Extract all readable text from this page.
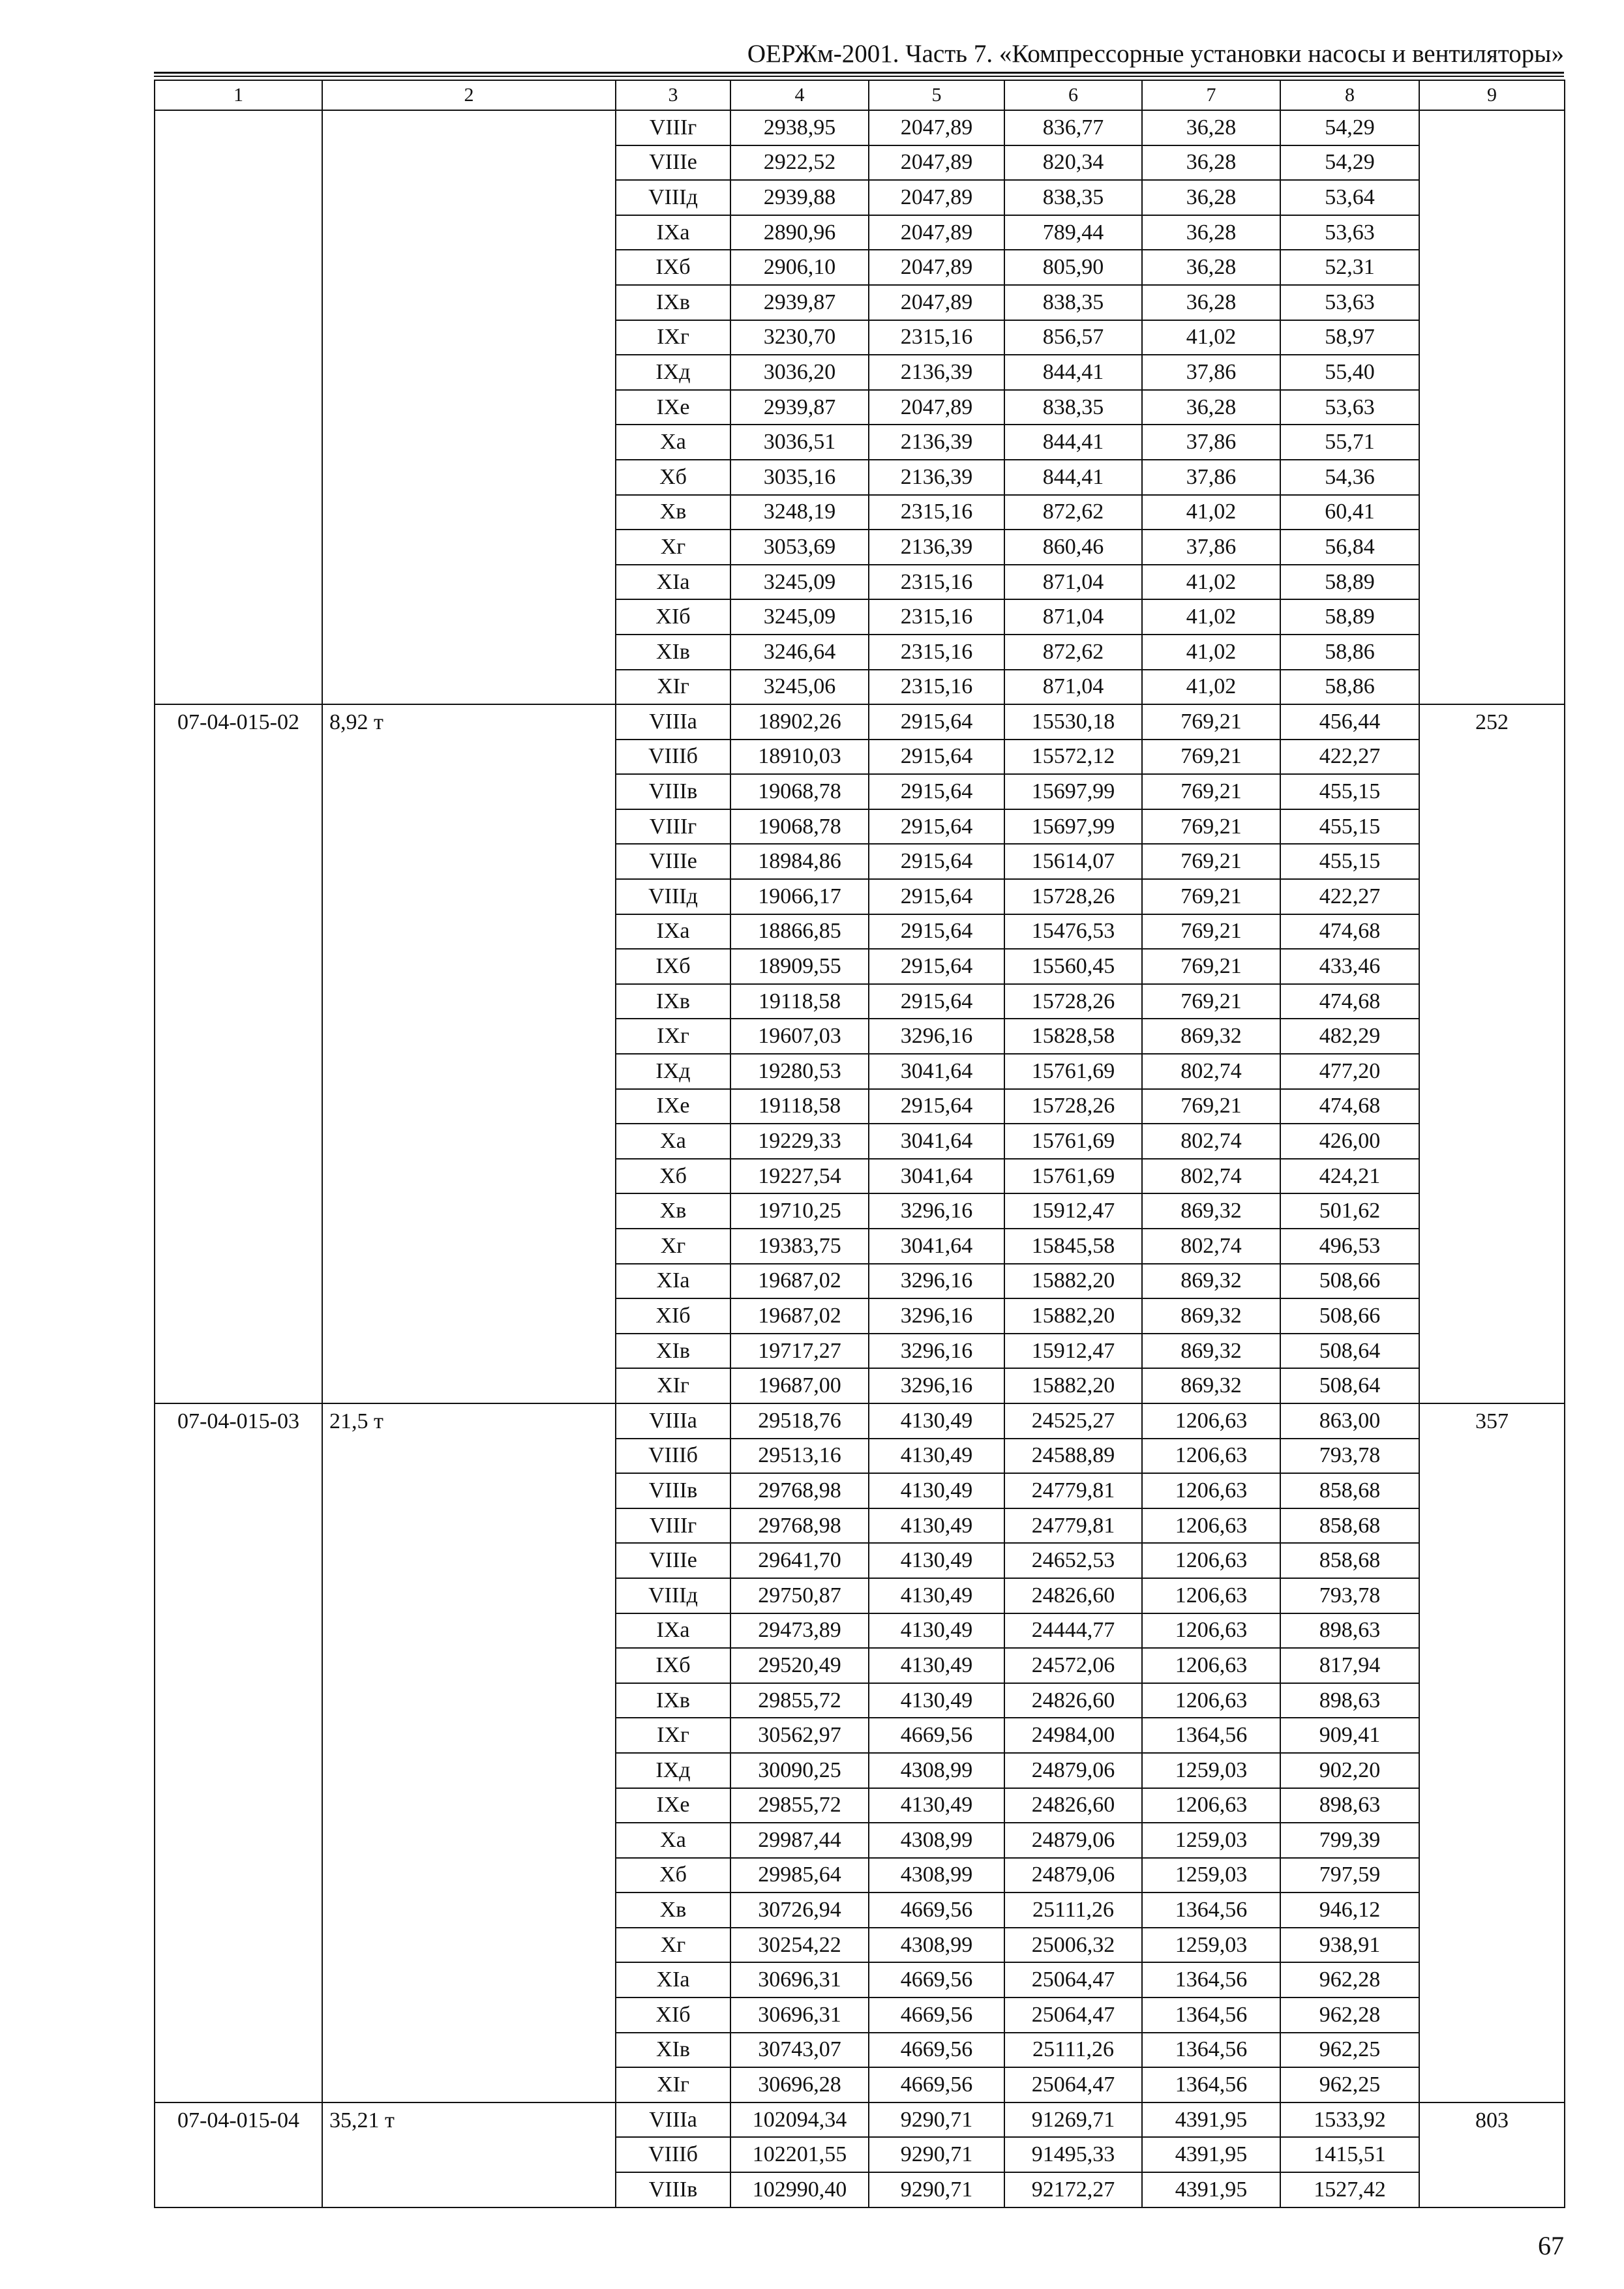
ОЕРЖм-2001. Часть 7. «Компрессорные установки насосы и вентиляторы»
1	2	3	4	5	6	7	8	9
		VIIIг	2938,95	2047,89	836,77	36,28	54,29	
		VIIIе	2922,52	2047,89	820,34	36,28	54,29	
		VIIIд	2939,88	2047,89	838,35	36,28	53,64	
		IXа	2890,96	2047,89	789,44	36,28	53,63	
		IXб	2906,10	2047,89	805,90	36,28	52,31	
		IXв	2939,87	2047,89	838,35	36,28	53,63	
		IXг	3230,70	2315,16	856,57	41,02	58,97	
		IXд	3036,20	2136,39	844,41	37,86	55,40	
		IXе	2939,87	2047,89	838,35	36,28	53,63	
		Xа	3036,51	2136,39	844,41	37,86	55,71	
		Xб	3035,16	2136,39	844,41	37,86	54,36	
		Xв	3248,19	2315,16	872,62	41,02	60,41	
		Xг	3053,69	2136,39	860,46	37,86	56,84	
		XIа	3245,09	2315,16	871,04	41,02	58,89	
		XIб	3245,09	2315,16	871,04	41,02	58,89	
		XIв	3246,64	2315,16	872,62	41,02	58,86	
		XIг	3245,06	2315,16	871,04	41,02	58,86	
07-04-015-02	8,92 т	VIIIа	18902,26	2915,64	15530,18	769,21	456,44	252
		VIIIб	18910,03	2915,64	15572,12	769,21	422,27	
		VIIIв	19068,78	2915,64	15697,99	769,21	455,15	
		VIIIг	19068,78	2915,64	15697,99	769,21	455,15	
		VIIIе	18984,86	2915,64	15614,07	769,21	455,15	
		VIIIд	19066,17	2915,64	15728,26	769,21	422,27	
		IXа	18866,85	2915,64	15476,53	769,21	474,68	
		IXб	18909,55	2915,64	15560,45	769,21	433,46	
		IXв	19118,58	2915,64	15728,26	769,21	474,68	
		IXг	19607,03	3296,16	15828,58	869,32	482,29	
		IXд	19280,53	3041,64	15761,69	802,74	477,20	
		IXе	19118,58	2915,64	15728,26	769,21	474,68	
		Xа	19229,33	3041,64	15761,69	802,74	426,00	
		Xб	19227,54	3041,64	15761,69	802,74	424,21	
		Xв	19710,25	3296,16	15912,47	869,32	501,62	
		Xг	19383,75	3041,64	15845,58	802,74	496,53	
		XIа	19687,02	3296,16	15882,20	869,32	508,66	
		XIб	19687,02	3296,16	15882,20	869,32	508,66	
		XIв	19717,27	3296,16	15912,47	869,32	508,64	
		XIг	19687,00	3296,16	15882,20	869,32	508,64	
07-04-015-03	21,5 т	VIIIа	29518,76	4130,49	24525,27	1206,63	863,00	357
		VIIIб	29513,16	4130,49	24588,89	1206,63	793,78	
		VIIIв	29768,98	4130,49	24779,81	1206,63	858,68	
		VIIIг	29768,98	4130,49	24779,81	1206,63	858,68	
		VIIIе	29641,70	4130,49	24652,53	1206,63	858,68	
		VIIIд	29750,87	4130,49	24826,60	1206,63	793,78	
		IXа	29473,89	4130,49	24444,77	1206,63	898,63	
		IXб	29520,49	4130,49	24572,06	1206,63	817,94	
		IXв	29855,72	4130,49	24826,60	1206,63	898,63	
		IXг	30562,97	4669,56	24984,00	1364,56	909,41	
		IXд	30090,25	4308,99	24879,06	1259,03	902,20	
		IXе	29855,72	4130,49	24826,60	1206,63	898,63	
		Xа	29987,44	4308,99	24879,06	1259,03	799,39	
		Xб	29985,64	4308,99	24879,06	1259,03	797,59	
		Xв	30726,94	4669,56	25111,26	1364,56	946,12	
		Xг	30254,22	4308,99	25006,32	1259,03	938,91	
		XIа	30696,31	4669,56	25064,47	1364,56	962,28	
		XIб	30696,31	4669,56	25064,47	1364,56	962,28	
		XIв	30743,07	4669,56	25111,26	1364,56	962,25	
		XIг	30696,28	4669,56	25064,47	1364,56	962,25	
07-04-015-04	35,21 т	VIIIа	102094,34	9290,71	91269,71	4391,95	1533,92	803
		VIIIб	102201,55	9290,71	91495,33	4391,95	1415,51	
		VIIIв	102990,40	9290,71	92172,27	4391,95	1527,42	
67
